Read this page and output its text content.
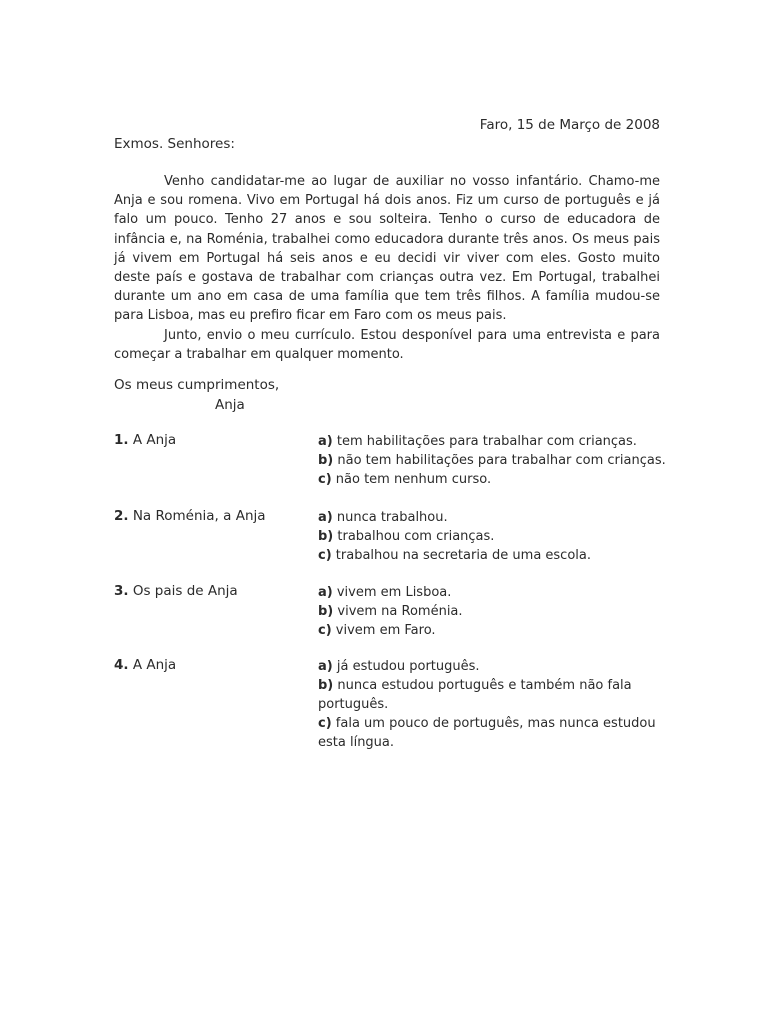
Faro, 15 de Março de 2008
Exmos. Senhores:

Venho candidatar-me ao lugar de auxiliar no vosso infantário. Chamo-me Anja e sou romena. Vivo em Portugal há dois anos. Fiz um curso de português e já falo um pouco. Tenho 27 anos e sou solteira. Tenho o curso de educadora de infância e, na Roménia, trabalhei como educadora durante três anos. Os meus pais já vivem em Portugal há seis anos e eu decidi vir viver com eles. Gosto muito deste país e gostava de trabalhar com crianças outra vez. Em Portugal, trabalhei durante um ano em casa de uma família que tem três filhos. A família mudou-se para Lisboa, mas eu prefiro ficar em Faro com os meus pais.

Junto, envio o meu currículo. Estou desponível para uma entrevista e para começar a trabalhar em qualquer momento.

Os meus cumprimentos,
Anja
1. A Anja	a) tem habilitações para trabalhar com crianças.

b) não tem habilitações para trabalhar com crianças.

c) não tem nenhum curso.

2. Na Roménia, a Anja	a) nunca trabalhou.

b) trabalhou com crianças.

c) trabalhou na secretaria de uma escola.

3. Os pais de Anja	a) vivem em Lisboa.

b) vivem na Roménia.

c) vivem em Faro.

4. A Anja	a) já estudou português.

b) nunca estudou português e também não fala português.

c) fala um pouco de português, mas nunca estudou esta língua.
